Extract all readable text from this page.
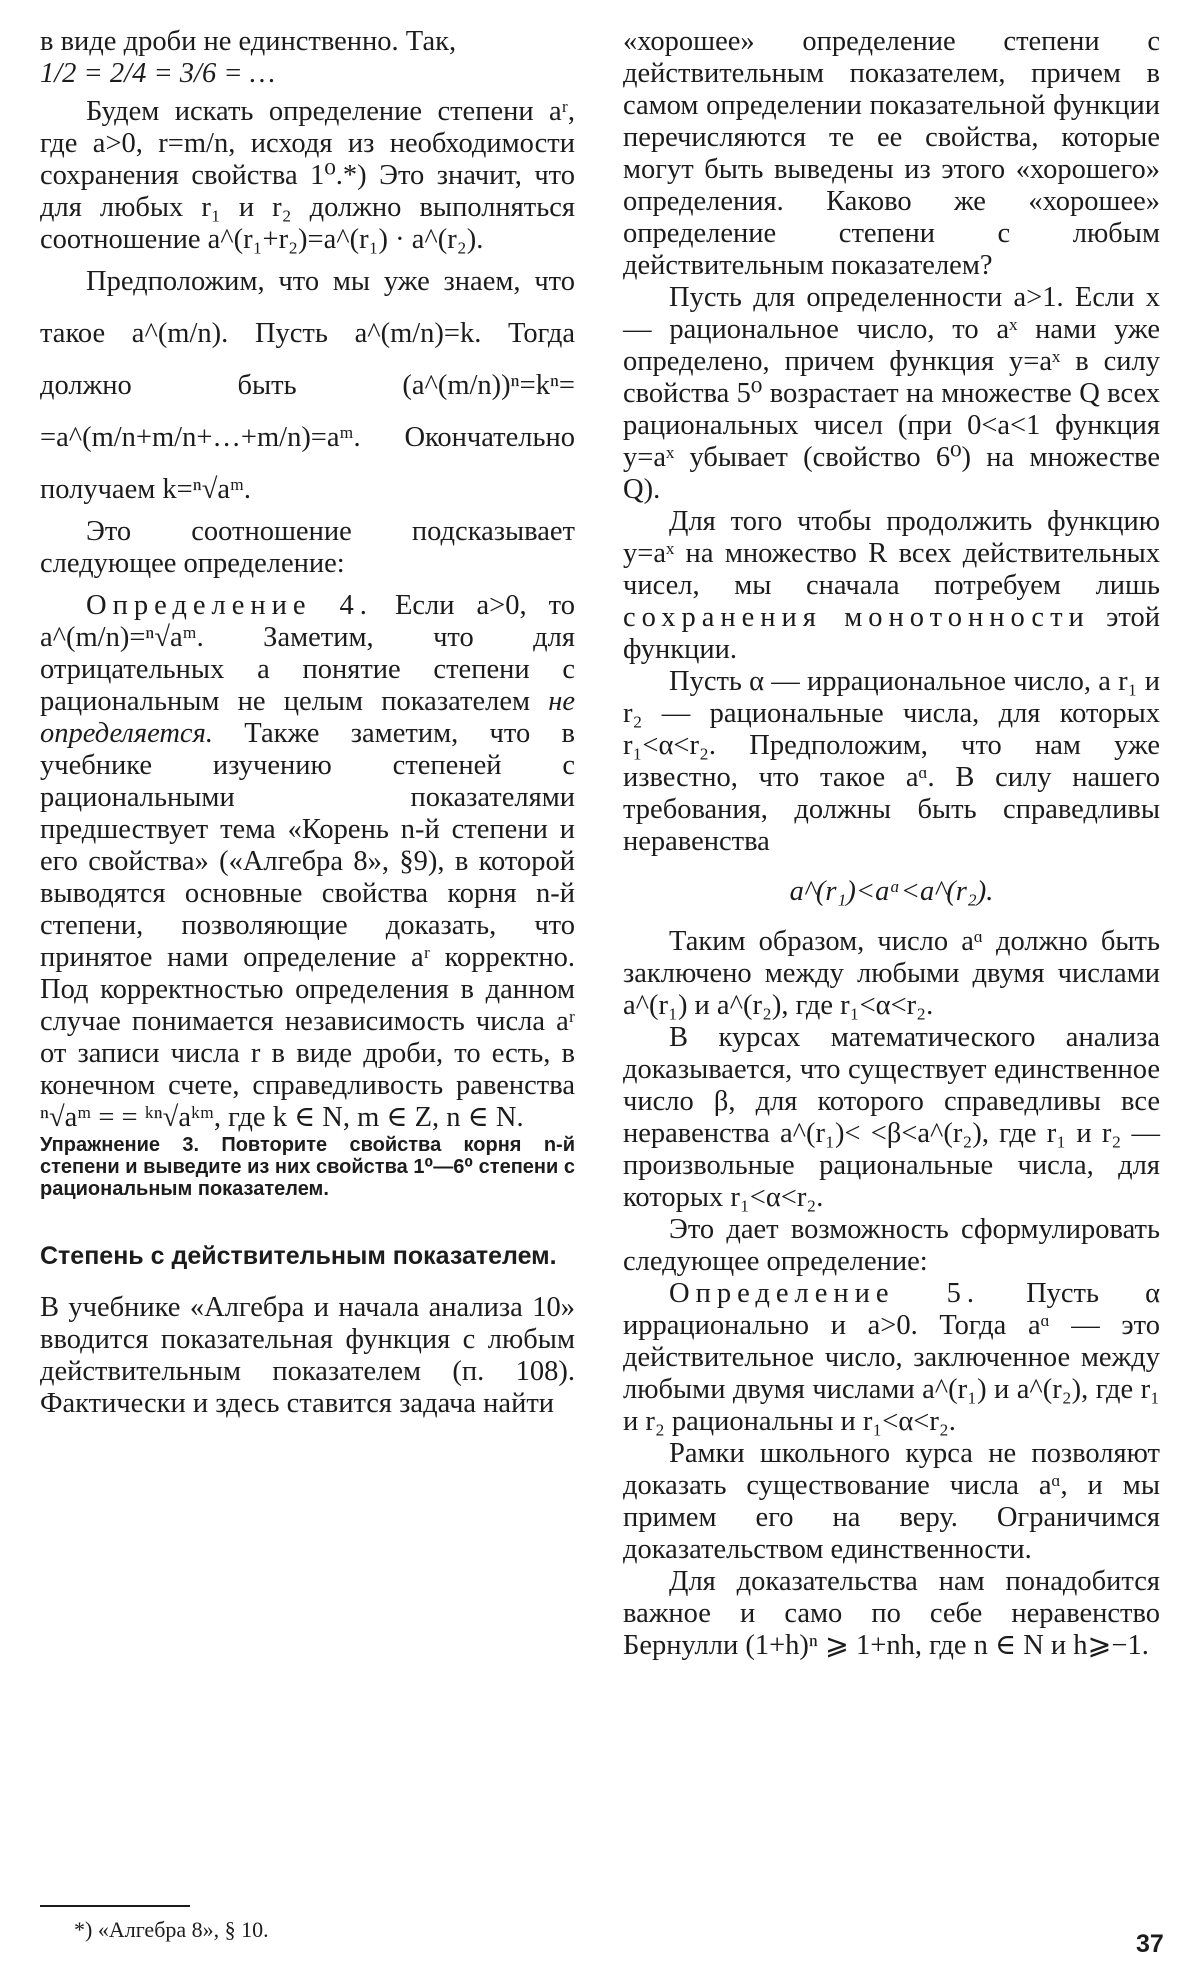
в виде дроби не единственно. Так,

1/2 = 2/4 = 3/6 = …

Будем искать определение степени aʳ, где a>0, r=m/n, исходя из необходимости сохранения свойства 1⁰.*) Это значит, что для любых r₁ и r₂ должно выполняться соотношение a^(r₁+r₂)=a^(r₁) · a^(r₂).

Предположим, что мы уже знаем, что такое a^(m/n). Пусть a^(m/n)=k. Тогда должно быть (a^(m/n))ⁿ=kⁿ= =a^(m/n+m/n+…+m/n)=aᵐ. Окончательно получаем k=ⁿ√aᵐ.

Это соотношение подсказывает следующее определение:

Определение 4. Если a>0, то a^(m/n)=ⁿ√aᵐ. Заметим, что для отрицательных a понятие степени с рациональным не целым показателем не определяется. Также заметим, что в учебнике изучению степеней с рациональными показателями предшествует тема «Корень n-й степени и его свойства» («Алгебра 8», §9), в которой выводятся основные свойства корня n-й степени, позволяющие доказать, что принятое нами определение aʳ корректно. Под корректностью определения в данном случае понимается независимость числа aʳ от записи числа r в виде дроби, то есть, в конечном счете, справедливость равенства ⁿ√aᵐ = = ᵏⁿ√aᵏᵐ, где k ∈ N, m ∈ Z, n ∈ N.

Упражнение 3. Повторите свойства корня n-й степени и выведите из них свойства 1⁰—6⁰ степени с рациональным показателем.

Степень с действительным показателем.

В учебнике «Алгебра и начала анализа 10» вводится показательная функция с любым действительным показателем (п. 108). Фактически и здесь ставится задача найти

«хорошее» определение степени с действительным показателем, причем в самом определении показательной функции перечисляются те ее свойства, которые могут быть выведены из этого «хорошего» определения. Каково же «хорошее» определение степени с любым действительным показателем?

Пусть для определенности a>1. Если x — рациональное число, то aˣ нами уже определено, причем функция y=aˣ в силу свойства 5⁰ возрастает на множестве Q всех рациональных чисел (при 0<a<1 функция y=aˣ убывает (свойство 6⁰) на множестве Q).

Для того чтобы продолжить функцию y=aˣ на множество R всех действительных чисел, мы сначала потребуем лишь сохранения монотонности этой функции.

Пусть α — иррациональное число, a r₁ и r₂ — рациональные числа, для которых r₁<α<r₂. Предположим, что нам уже известно, что такое aᵅ. В силу нашего требования, должны быть справедливы неравенства

a^(r₁)<aᵅ<a^(r₂).

Таким образом, число aᵅ должно быть заключено между любыми двумя числами a^(r₁) и a^(r₂), где r₁<α<r₂.

В курсах математического анализа доказывается, что существует единственное число β, для которого справедливы все неравенства a^(r₁)< <β<a^(r₂), где r₁ и r₂ — произвольные рациональные числа, для которых r₁<α<r₂.

Это дает возможность сформулировать следующее определение:

Определение 5. Пусть α иррационально и a>0. Тогда aᵅ — это действительное число, заключенное между любыми двумя числами a^(r₁) и a^(r₂), где r₁ и r₂ рациональны и r₁<α<r₂.

Рамки школьного курса не позволяют доказать существование числа aᵅ, и мы примем его на веру. Ограничимся доказательством единственности.

Для доказательства нам понадобится важное и само по себе неравенство Бернулли (1+h)ⁿ ⩾ 1+nh, где n ∈ N и h⩾−1.

*) «Алгебра 8», § 10.
37
